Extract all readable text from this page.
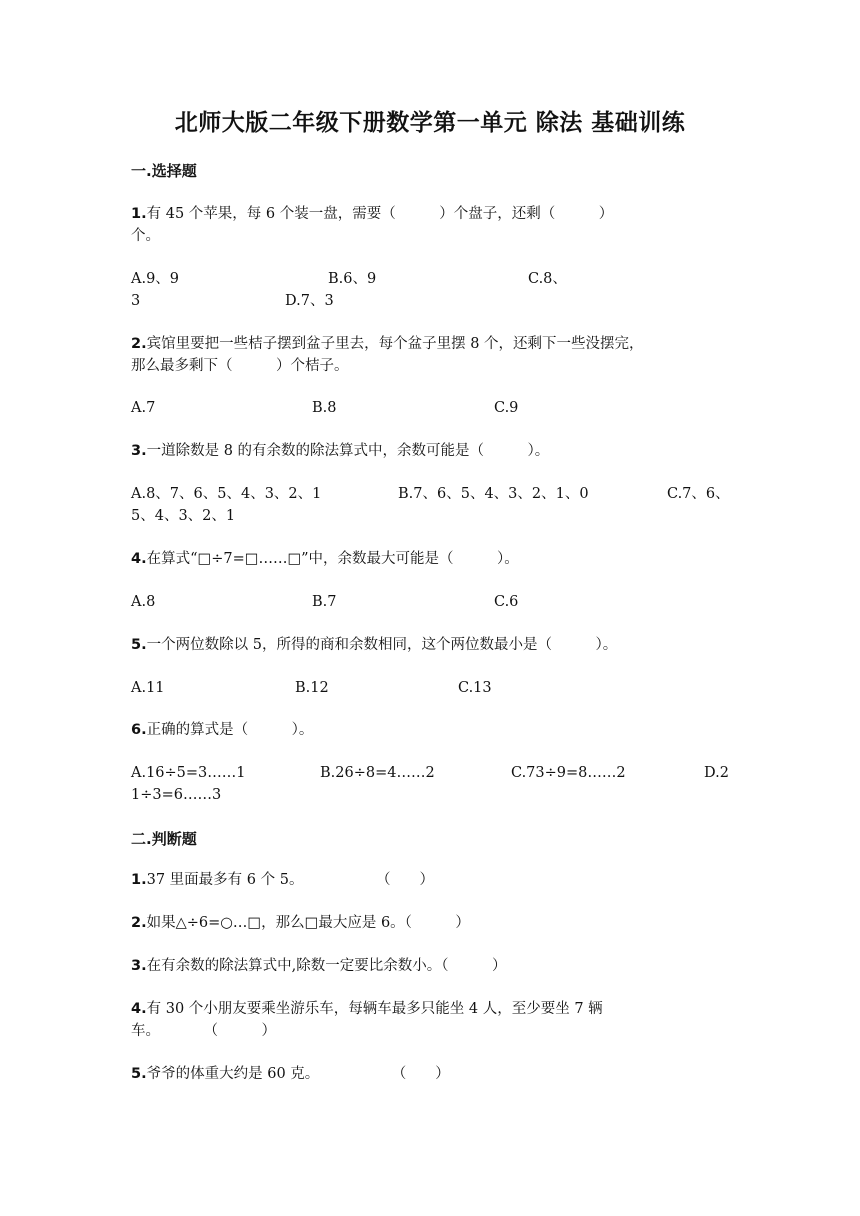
北师大版二年级下册数学第一单元 除法 基础训练
一.选择题
1.有 45 个苹果，每 6 个装一盘，需要（　　　）个盘子，还剩（　　　）
个。
A.9、9	B.6、9	C.8、
3	D.7、3
2.宾馆里要把一些桔子摆到盆子里去，每个盆子里摆 8 个，还剩下一些没摆完，
那么最多剩下（　　　）个桔子。
A.7	B.8	C.9
3.一道除数是 8 的有余数的除法算式中，余数可能是（　　　）。
A.8、7、6、5、4、3、2、1	B.7、6、5、4、3、2、1、0	C.7、6、
5、4、3、2、1
4.在算式“□÷7=□……□”中，余数最大可能是（　　　）。
A.8	B.7	C.6
5.一个两位数除以 5，所得的商和余数相同，这个两位数最小是（　　　）。
A.11	B.12	C.13
6.正确的算式是（　　　）。
A.16÷5=3……1	B.26÷8=4……2	C.73÷9=8……2	D.2
1÷3=6……3
二.判断题
1.37 里面最多有 6 个 5。　　　　　　（　　）
2.如果△÷6=○…□，那么□最大应是 6。（　　　）
3.在有余数的除法算式中,除数一定要比余数小。（　　　）
4.有 30 个小朋友要乘坐游乐车，每辆车最多只能坐 4 人，至少要坐 7 辆
车。　　　　（　　　）
5.爷爷的体重大约是 60 克。　　　　　　（　　）
